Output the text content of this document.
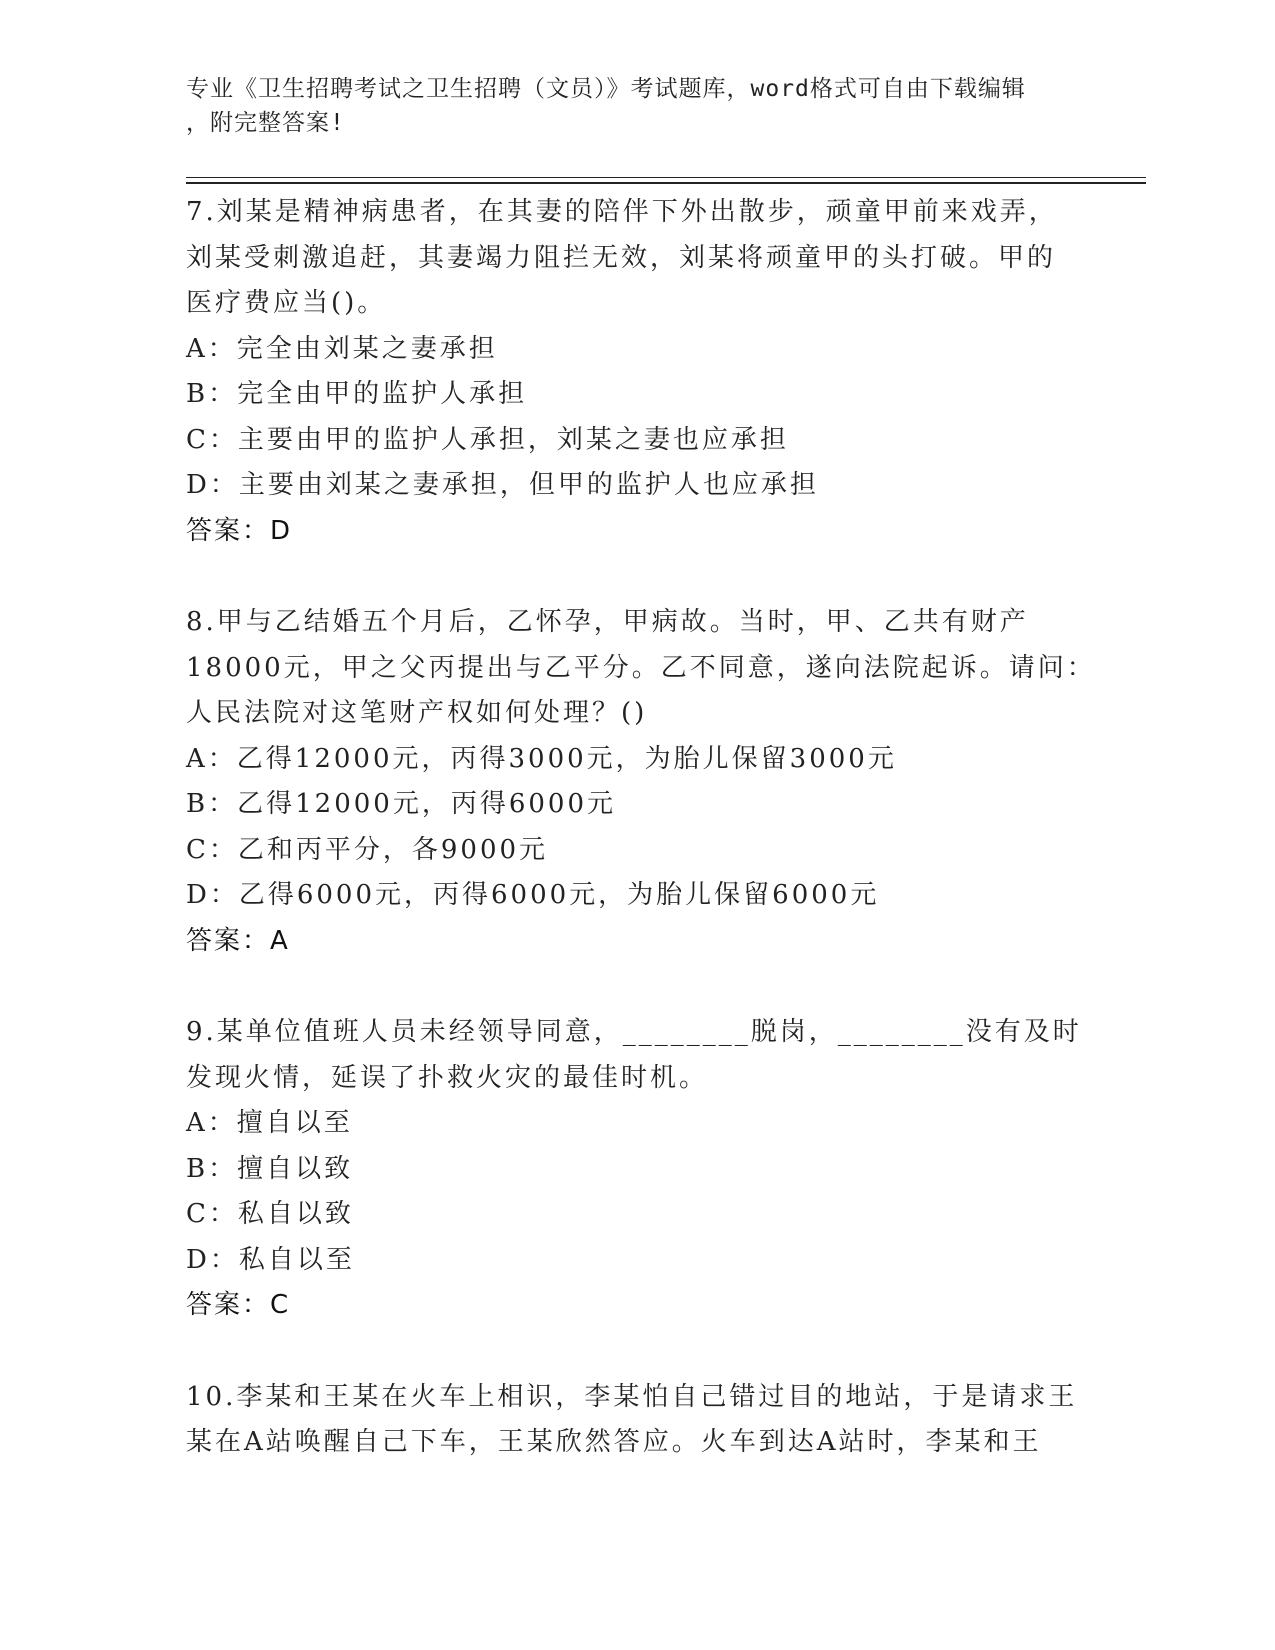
专业《卫生招聘考试之卫生招聘（文员）》考试题库，word格式可自由下载编辑
，附完整答案!
7.刘某是精神病患者，在其妻的陪伴下外出散步，顽童甲前来戏弄，
刘某受刺激追赶，其妻竭力阻拦无效，刘某将顽童甲的头打破。甲的
医疗费应当()。
A：完全由刘某之妻承担
B：完全由甲的监护人承担
C：主要由甲的监护人承担，刘某之妻也应承担
D：主要由刘某之妻承担，但甲的监护人也应承担
答案：D
8.甲与乙结婚五个月后，乙怀孕，甲病故。当时，甲、乙共有财产
18000元，甲之父丙提出与乙平分。乙不同意，遂向法院起诉。请问：
人民法院对这笔财产权如何处理？()
A：乙得12000元，丙得3000元，为胎儿保留3000元
B：乙得12000元，丙得6000元
C：乙和丙平分，各9000元
D：乙得6000元，丙得6000元，为胎儿保留6000元
答案：A
9.某单位值班人员未经领导同意，________脱岗，________没有及时
发现火情，延误了扑救火灾的最佳时机。
A：擅自以至
B：擅自以致
C：私自以致
D：私自以至
答案：C
10.李某和王某在火车上相识，李某怕自己错过目的地站，于是请求王
某在A站唤醒自己下车，王某欣然答应。火车到达A站时，李某和王
